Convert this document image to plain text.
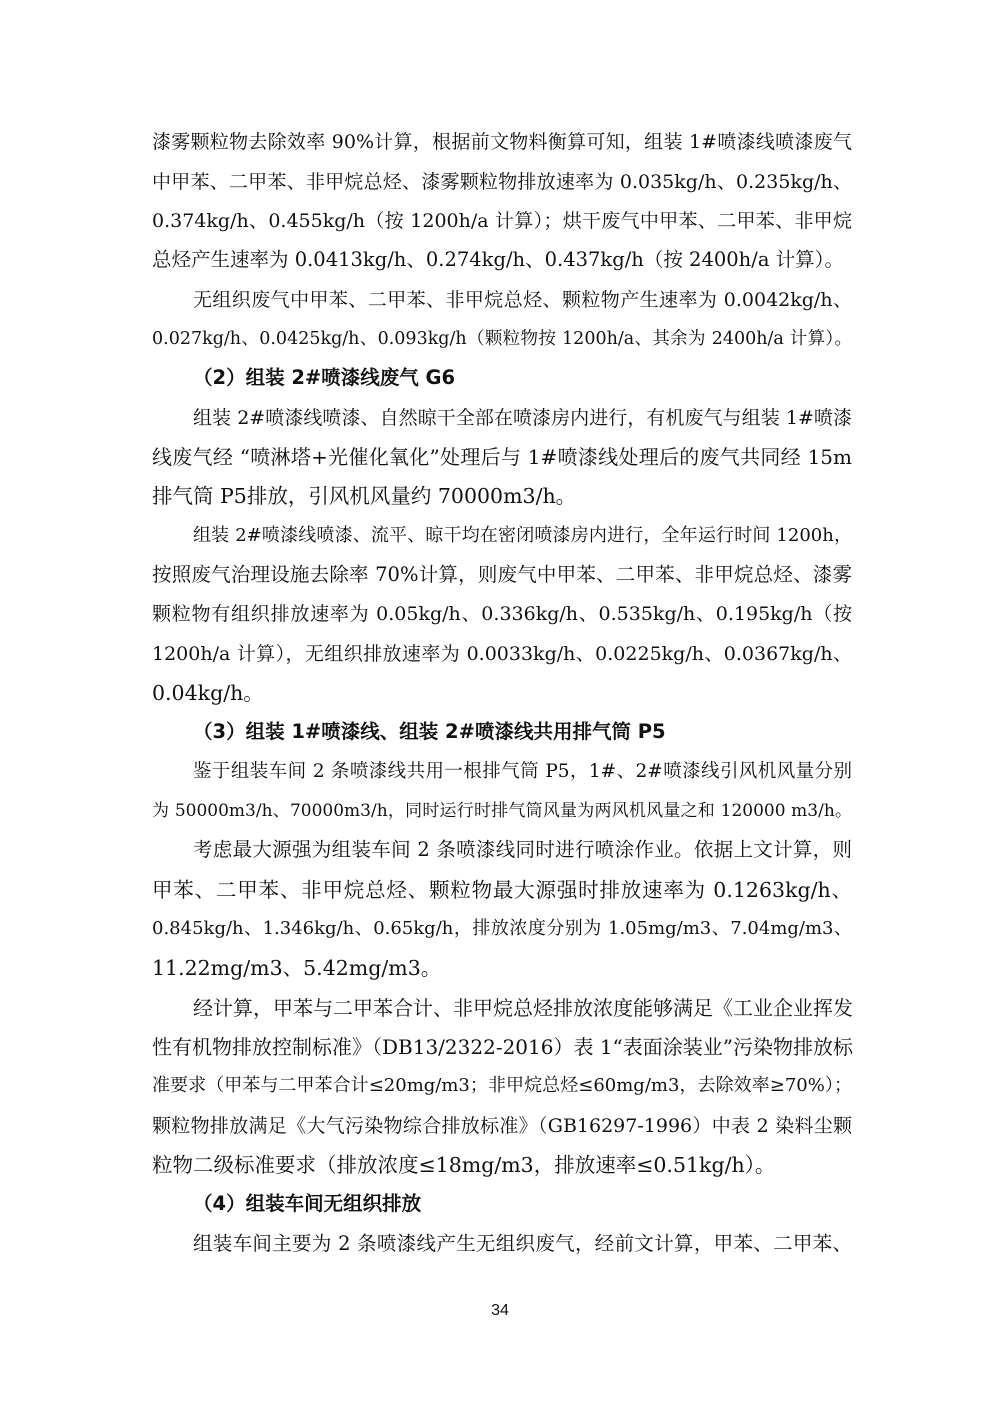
漆雾颗粒物去除效率 90%计算，根据前文物料衡算可知，组装 1#喷漆线喷漆废气
中甲苯、二甲苯、非甲烷总烃、漆雾颗粒物排放速率为 0.035kg/h、0.235kg/h、
0.374kg/h、0.455kg/h（按 1200h/a 计算）；烘干废气中甲苯、二甲苯、非甲烷
总烃产生速率为 0.0413kg/h、0.274kg/h、0.437kg/h（按 2400h/a 计算）。
无组织废气中甲苯、二甲苯、非甲烷总烃、颗粒物产生速率为 0.0042kg/h、
0.027kg/h、0.0425kg/h、0.093kg/h（颗粒物按 1200h/a、其余为 2400h/a 计算）。
（2）组装 2#喷漆线废气 G6
组装 2#喷漆线喷漆、自然晾干全部在喷漆房内进行，有机废气与组装 1#喷漆
线废气经 “喷淋塔+光催化氧化”处理后与 1#喷漆线处理后的废气共同经 15m
排气筒 P5排放，引风机风量约 70000m3/h。
组装 2#喷漆线喷漆、流平、晾干均在密闭喷漆房内进行，全年运行时间 1200h，
按照废气治理设施去除率 70%计算，则废气中甲苯、二甲苯、非甲烷总烃、漆雾
颗粒物有组织排放速率为 0.05kg/h、0.336kg/h、0.535kg/h、0.195kg/h（按
1200h/a 计算），无组织排放速率为 0.0033kg/h、0.0225kg/h、0.0367kg/h、
0.04kg/h。
（3）组装 1#喷漆线、组装 2#喷漆线共用排气筒 P5
鉴于组装车间 2 条喷漆线共用一根排气筒 P5，1#、2#喷漆线引风机风量分别
为 50000m3/h、70000m3/h，同时运行时排气筒风量为两风机风量之和 120000 m3/h。
考虑最大源强为组装车间 2 条喷漆线同时进行喷涂作业。依据上文计算，则
甲苯、二甲苯、非甲烷总烃、颗粒物最大源强时排放速率为 0.1263kg/h、
0.845kg/h、1.346kg/h、0.65kg/h，排放浓度分别为 1.05mg/m3、7.04mg/m3、
11.22mg/m3、5.42mg/m3。
经计算，甲苯与二甲苯合计、非甲烷总烃排放浓度能够满足《工业企业挥发
性有机物排放控制标准》（DB13/2322-2016）表 1“表面涂装业”污染物排放标
准要求（甲苯与二甲苯合计≤20mg/m3；非甲烷总烃≤60mg/m3，去除效率≥70%）；
颗粒物排放满足《大气污染物综合排放标准》（GB16297-1996）中表 2 染料尘颗
粒物二级标准要求（排放浓度≤18mg/m3，排放速率≤0.51kg/h）。
（4）组装车间无组织排放
组装车间主要为 2 条喷漆线产生无组织废气，经前文计算，甲苯、二甲苯、
34
